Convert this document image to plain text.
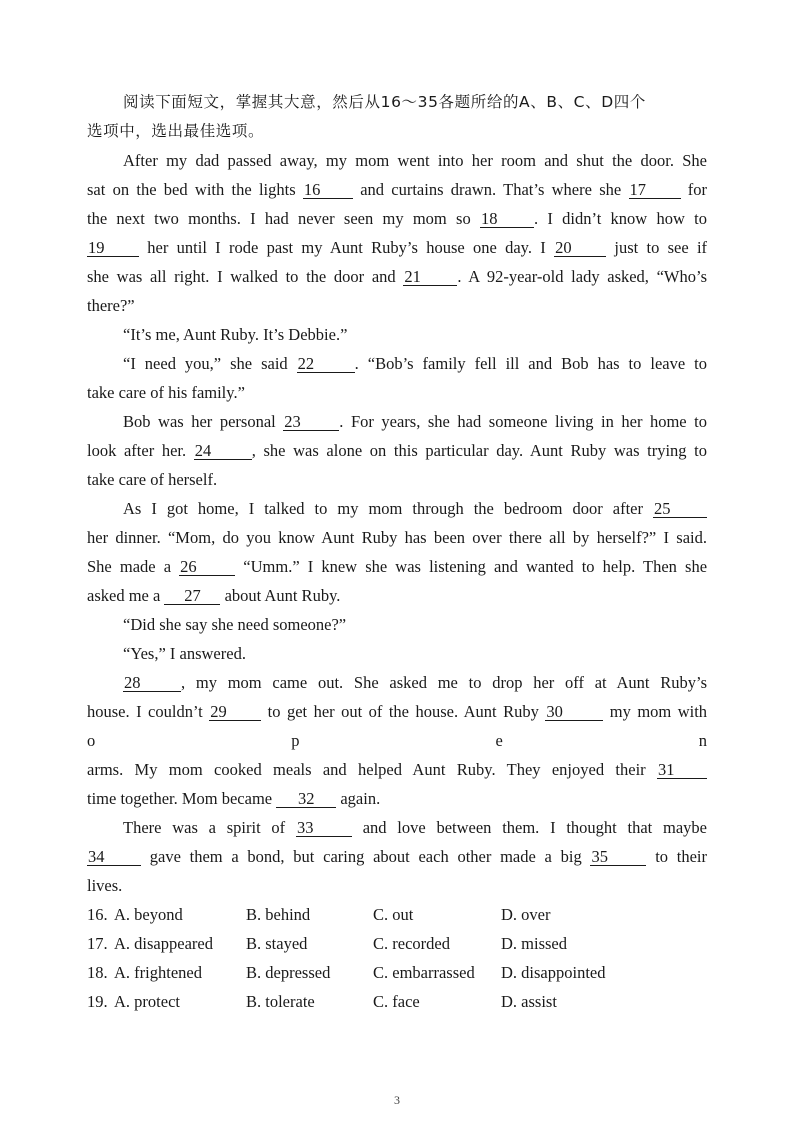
阅读下面短文，掌握其大意，然后从16～35各题所给的A、B、C、D四个
选项中，选出最佳选项。
After my dad passed away, my mom went into her room and shut the door. She
sat on the bed with the lights 16 and curtains drawn. That’s where she 17	for
the next two months. I had never seen my mom so 18 . I didn’t know how to
19	her until I rode past my Aunt Ruby’s house one day. I 20	just to see if
she was all right. I walked to the door and 21 . A 92-year-old lady asked, “Who’s
there?”
“It’s me, Aunt Ruby. It’s Debbie.”
“I need you,” she said 22 . “Bob’s family fell ill and Bob has to leave to
take care of his family.”
Bob was her personal 23 . For years, she had someone living in her home to
look after her. 24 , she was alone on this particular day. Aunt Ruby was trying to
take care of herself.
As I got home, I talked to my mom through the bedroom door after 25
her dinner. “Mom, do you know Aunt Ruby has been over there all by herself?” I said.
She made a 26	“Umm.” I knew she was listening and wanted to help. Then she
asked me a 27 about Aunt Ruby.
“Did she say she need someone?”
“Yes,” I answered.
28 , my mom came out. She asked me to drop her off at Aunt Ruby’s
house. I couldn’t 29 to get her out of the house. Aunt Ruby 30	my mom with
o	p	e	n
arms. My mom cooked meals and helped Aunt Ruby. They enjoyed their 31
time together. Mom became 32 again.
There was a spirit of 33	and love between them. I thought that maybe
34	gave them a bond, but caring about each other made a big 35	to their
lives.
16. A. beyond	B. behind	C. out	D. over
17. A. disappeared B. stayed	C. recorded	D. missed
18. A. frightened	B. depressed	C. embarrassed D. disappointed
19. A. protect	B. tolerate	C. face	D. assist
3
